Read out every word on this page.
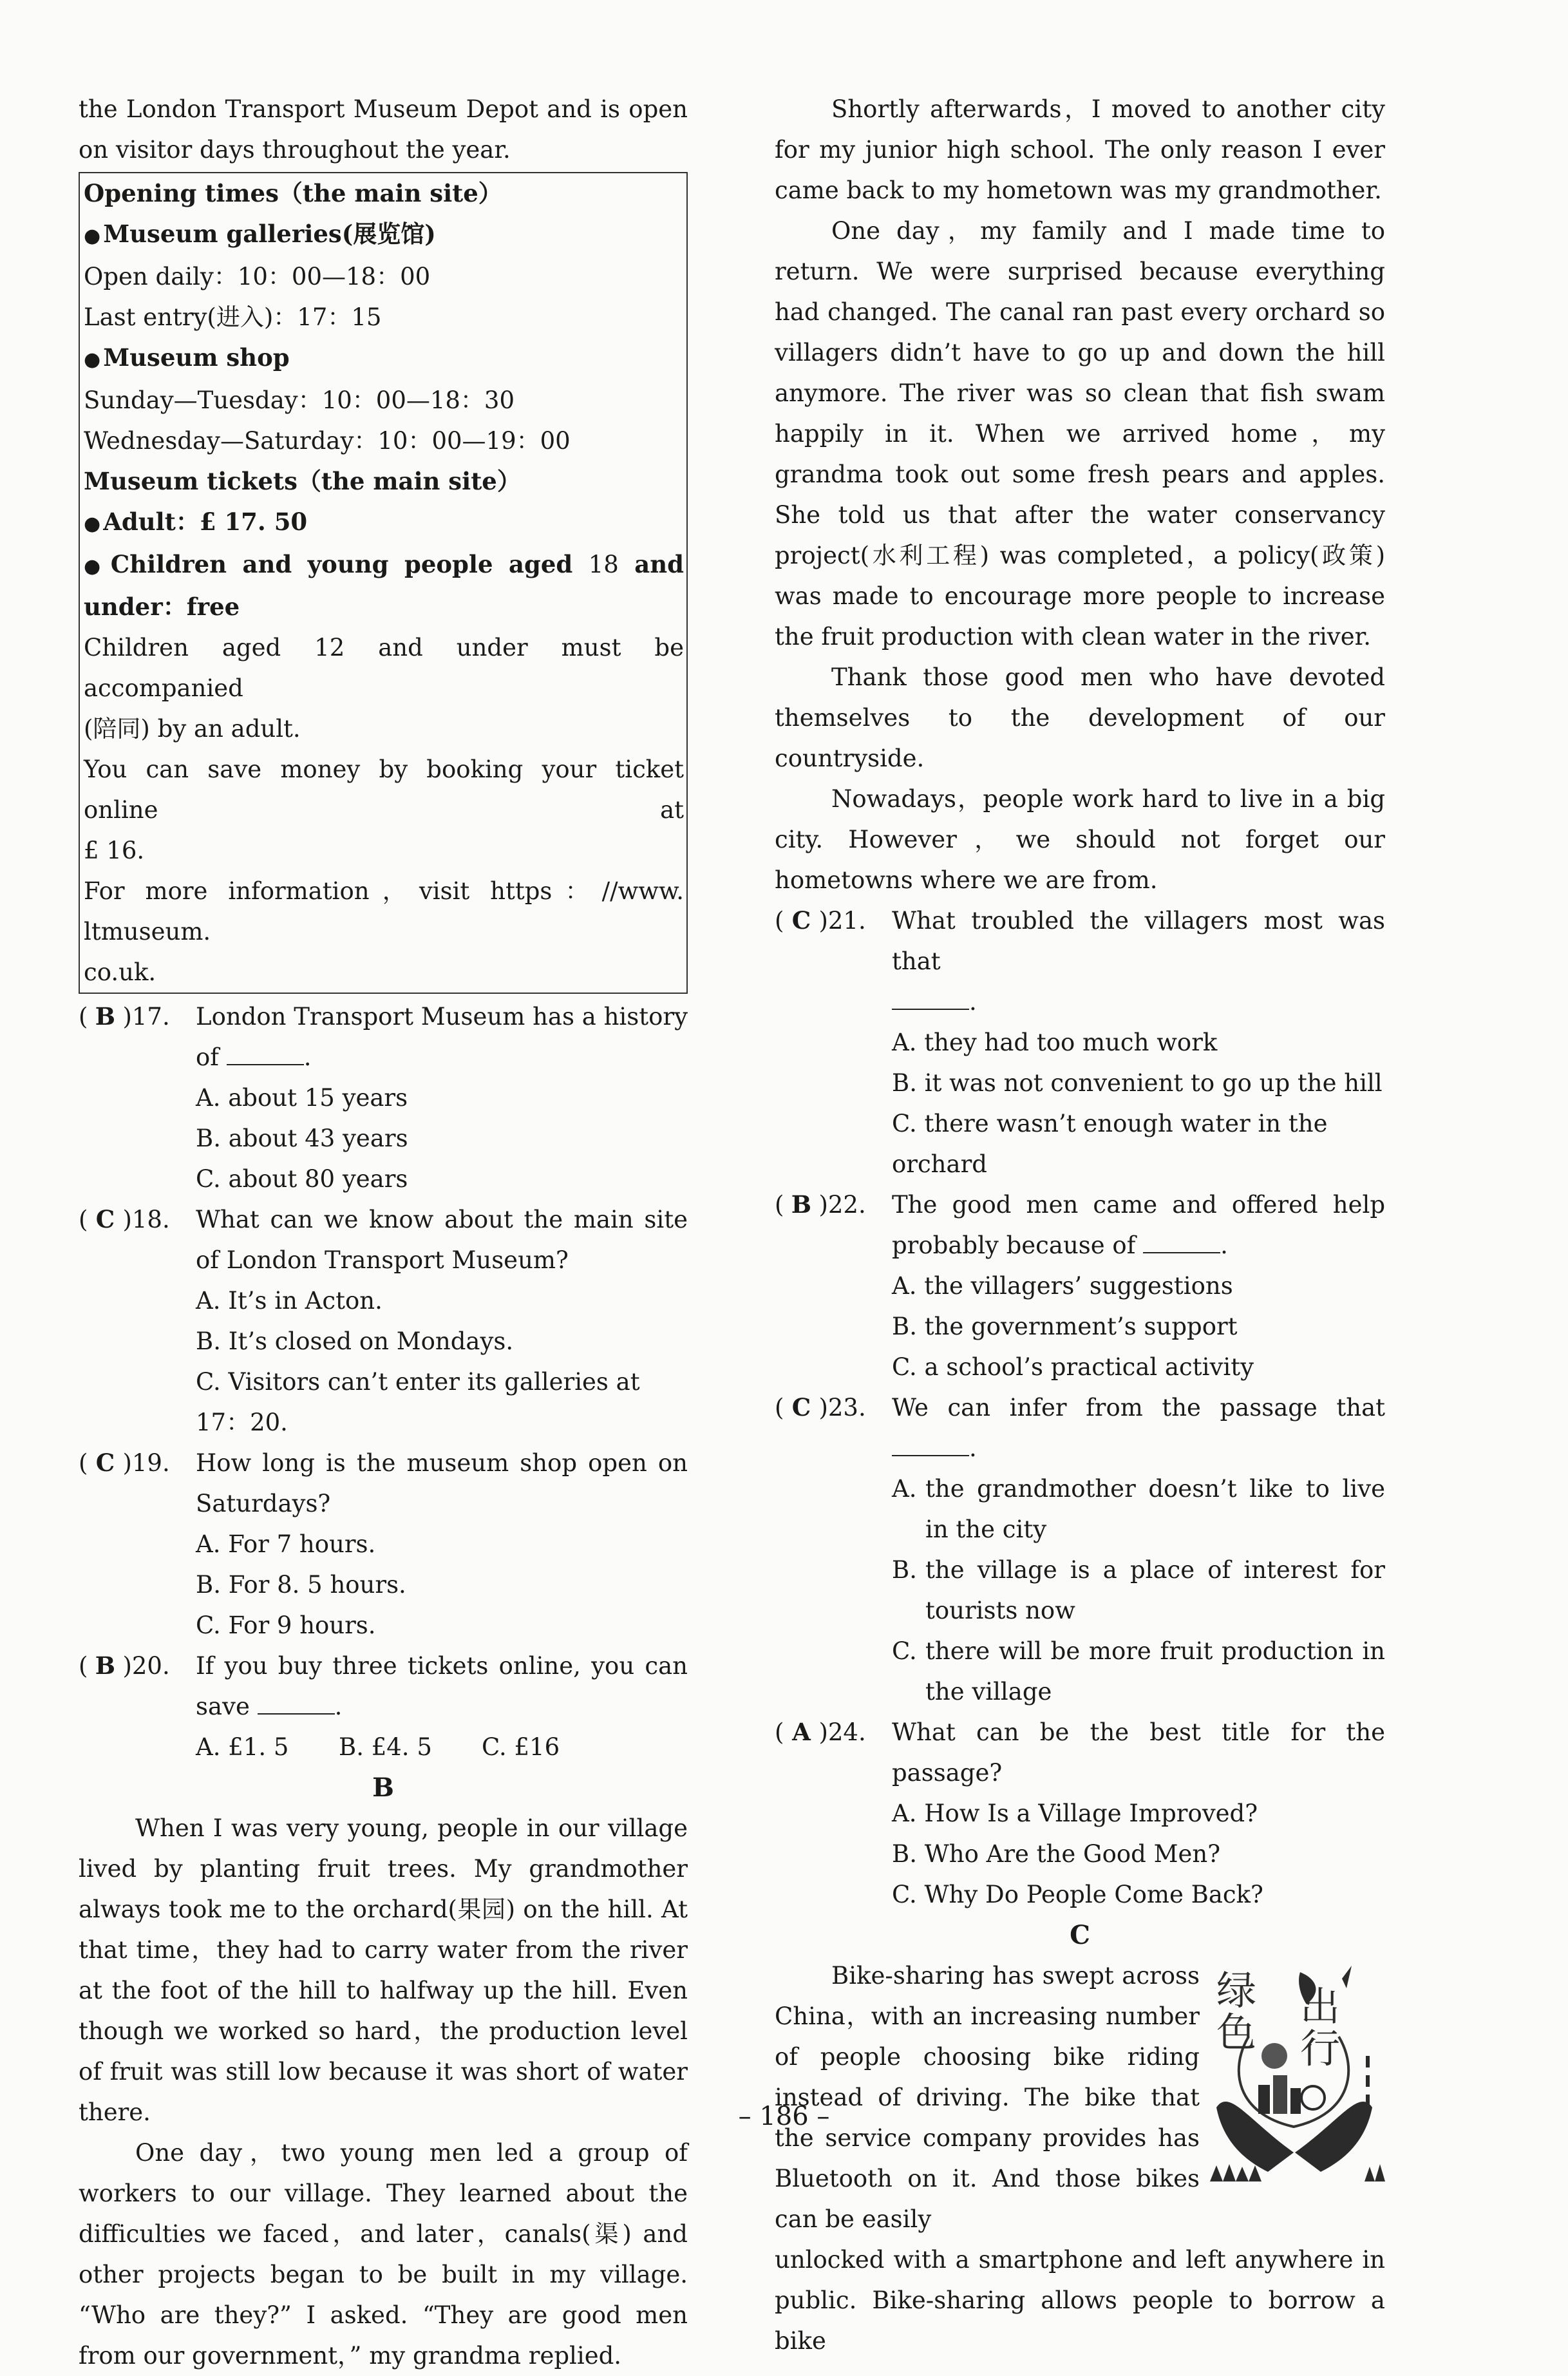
the London Transport Museum Depot and is open on visitor days throughout the year.

Opening times（the main site）
● Museum galleries(展览馆)
Open daily：10：00—18：00
Last entry(进入)：17：15
● Museum shop
Sunday—Tuesday：10：00—18：30
Wednesday—Saturday：10：00—19：00
Museum tickets（the main site）
● Adult：£ 17. 50
● Children and young people aged 18 and
under：free
Children aged 12 and under must be accompanied
(陪同) by an adult.
You can save money by booking your ticket online at
£ 16.
For more information，visit https：//www. ltmuseum.
co.uk.
( B )17.	London Transport Museum has a history
of	.
A. about 15 yearsB. about 43 years
C. about 80 years
( C )18.	What can we know about the main site of London Transport Museum?
A. It’s in Acton.
B. It’s closed on Mondays.
C. Visitors can’t enter its galleries at 17：20.
( C )19.	How long is the museum shop open on Saturdays?
A. For 7 hours.B. For 8. 5 hours.
C. For 9 hours.
( B )20.	If you buy three tickets online, you can
save	.
A. £1. 5 B. £4. 5 C. £16
B

When I was very young, people in our village lived by planting fruit trees. My grandmother always took me to the orchard(果园) on the hill. At that time，they had to carry water from the river at the foot of the hill to halfway up the hill. Even though we worked so hard，the production level of fruit was still low because it was short of water there.

One day，two young men led a group of workers to our village. They learned about the difficulties we faced，and later，canals(渠) and other projects began to be built in my village. “Who are they?” I asked. “They are good men from our government，” my grandma replied.

Shortly afterwards，I moved to another city for my junior high school. The only reason I ever came back to my hometown was my grandmother.

One day，my family and I made time to return. We were surprised because everything had changed. The canal ran past every orchard so villagers didn’t have to go up and down the hill anymore. The river was so clean that fish swam happily in it. When we arrived home，my grandma took out some fresh pears and apples. She told us that after the water conservancy project(水利工程) was completed，a policy(政策) was made to encourage more people to increase the fruit production with clean water in the river.

Thank those good men who have devoted themselves to the development of our countryside.

Nowadays，people work hard to live in a big city. However，we should not forget our hometowns where we are from.

( C )21.	What troubled the villagers most was that
.
A. they had too much work
B. it was not convenient to go up the hill
C. there wasn’t enough water in the orchard
( B )22.	The good men came and offered help
probably because of	.
A. the villagers’ suggestions
B. the government’s support
C. a school’s practical activity
( C )23.	We can infer from the passage that .
A. the grandmother doesn’t like to live in the city
B. the village is a place of interest for tourists now
C. there will be more fruit production in the village
( A )24.	What can be the best title for the passage?
A. How Is a Village Improved?
B. Who Are the Good Men?
C. Why Do People Come Back?
C

Bike-sharing has swept across China，with an increasing number of people choosing bike riding instead of driving. The bike that the service company provides has Bluetooth on it. And those bikes can be easily

unlocked with a smartphone and left anywhere in public. Bike-sharing allows people to borrow a bike

绿
色
出
行
– 186 –
